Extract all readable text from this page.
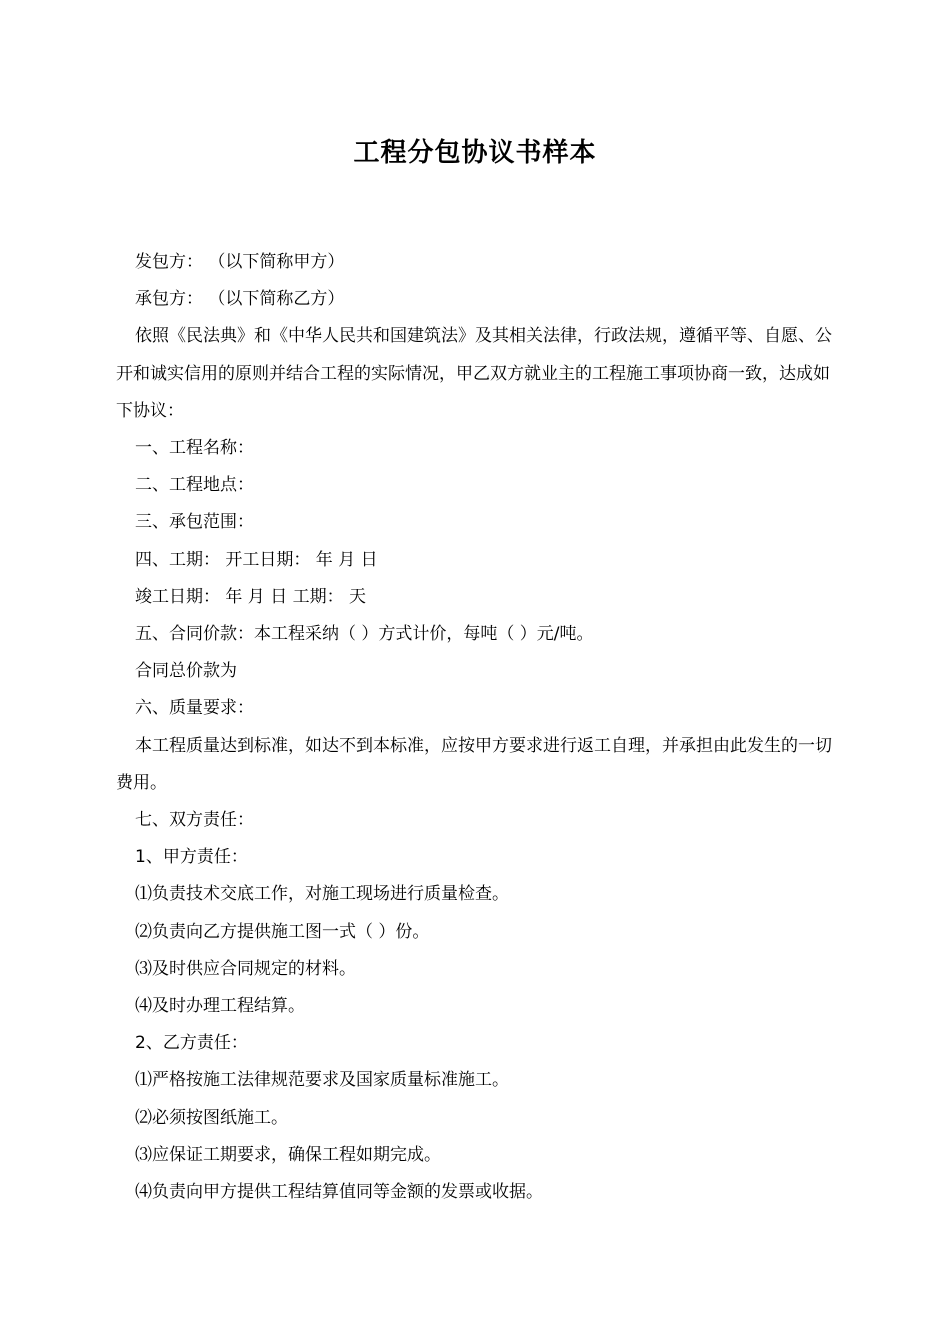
工程分包协议书样本

发包方： （以下简称甲方）

承包方： （以下简称乙方）

依照《民法典》和《中华人民共和国建筑法》及其相关法律，行政法规，遵循平等、自愿、公开和诚实信用的原则并结合工程的实际情况，甲乙双方就业主的工程施工事项协商一致，达成如下协议：

一、工程名称：

二、工程地点：

三、承包范围：

四、工期： 开工日期： 年 月 日

竣工日期： 年 月 日 工期： 天

五、合同价款：本工程采纳（ ）方式计价，每吨（ ）元/吨。

合同总价款为

六、质量要求：

本工程质量达到标准，如达不到本标准，应按甲方要求进行返工自理，并承担由此发生的一切费用。

七、双方责任：

1、甲方责任：

⑴负责技术交底工作，对施工现场进行质量检查。

⑵负责向乙方提供施工图一式（ ）份。

⑶及时供应合同规定的材料。

⑷及时办理工程结算。

2、乙方责任：

⑴严格按施工法律规范要求及国家质量标准施工。

⑵必须按图纸施工。

⑶应保证工期要求，确保工程如期完成。

⑷负责向甲方提供工程结算值同等金额的发票或收据。
